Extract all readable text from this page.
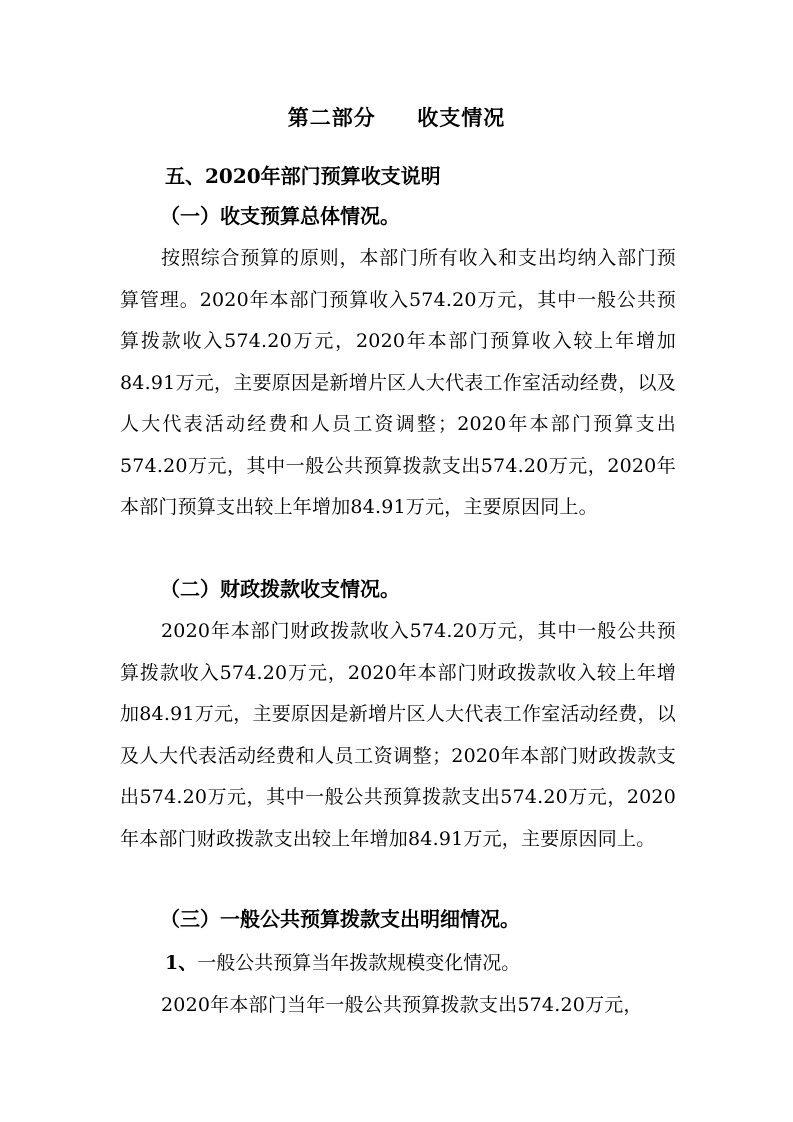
第二部分     收支情况
五、2020年部门预算收支说明
（一）收支预算总体情况。
按照综合预算的原则，本部门所有收入和支出均纳入部门预算管理。2020年本部门预算收入574.20万元，其中一般公共预算拨款收入574.20万元，2020年本部门预算收入较上年增加84.91万元，主要原因是新增片区人大代表工作室活动经费，以及人大代表活动经费和人员工资调整；2020年本部门预算支出574.20万元，其中一般公共预算拨款支出574.20万元，2020年本部门预算支出较上年增加84.91万元，主要原因同上。
（二）财政拨款收支情况。
2020年本部门财政拨款收入574.20万元，其中一般公共预算拨款收入574.20万元，2020年本部门财政拨款收入较上年增加84.91万元，主要原因是新增片区人大代表工作室活动经费，以及人大代表活动经费和人员工资调整；2020年本部门财政拨款支出574.20万元，其中一般公共预算拨款支出574.20万元，2020年本部门财政拨款支出较上年增加84.91万元，主要原因同上。
（三）一般公共预算拨款支出明细情况。
1、一般公共预算当年拨款规模变化情况。
2020年本部门当年一般公共预算拨款支出574.20万元，
